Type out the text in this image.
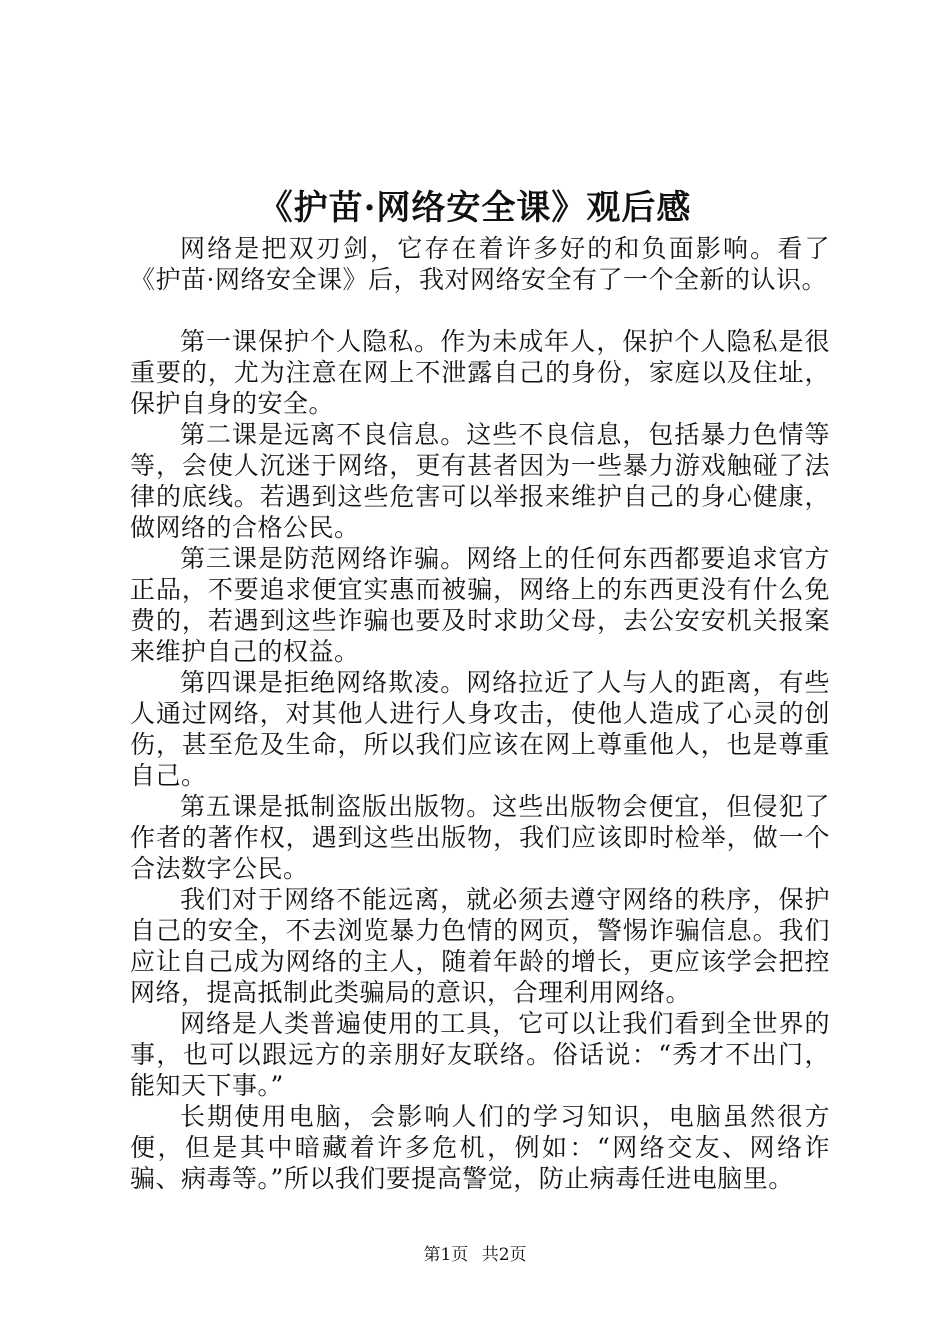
《护苗·网络安全课》观后感

网络是把双刃剑，它存在着许多好的和负面影响。看了《护苗·网络安全课》后，我对网络安全有了一个全新的认识。

第一课保护个人隐私。作为未成年人，保护个人隐私是很重要的，尤为注意在网上不泄露自己的身份，家庭以及住址，保护自身的安全。

第二课是远离不良信息。这些不良信息，包括暴力色情等等，会使人沉迷于网络，更有甚者因为一些暴力游戏触碰了法律的底线。若遇到这些危害可以举报来维护自己的身心健康，做网络的合格公民。

第三课是防范网络诈骗。网络上的任何东西都要追求官方正品，不要追求便宜实惠而被骗，网络上的东西更没有什么免费的，若遇到这些诈骗也要及时求助父母，去公安安机关报案来维护自己的权益。

第四课是拒绝网络欺凌。网络拉近了人与人的距离，有些人通过网络，对其他人进行人身攻击，使他人造成了心灵的创伤，甚至危及生命，所以我们应该在网上尊重他人，也是尊重自己。

第五课是抵制盗版出版物。这些出版物会便宜，但侵犯了作者的著作权，遇到这些出版物，我们应该即时检举，做一个合法数字公民。

我们对于网络不能远离，就必须去遵守网络的秩序，保护自己的安全，不去浏览暴力色情的网页，警惕诈骗信息。我们应让自己成为网络的主人，随着年龄的增长，更应该学会把控网络，提高抵制此类骗局的意识，合理利用网络。

网络是人类普遍使用的工具，它可以让我们看到全世界的事，也可以跟远方的亲朋好友联络。俗话说：“秀才不出门，能知天下事。”

长期使用电脑，会影响人们的学习知识，电脑虽然很方便，但是其中暗藏着许多危机，例如：“网络交友、网络诈骗、病毒等。”所以我们要提高警觉，防止病毒任进电脑里。

第1页 共2页
